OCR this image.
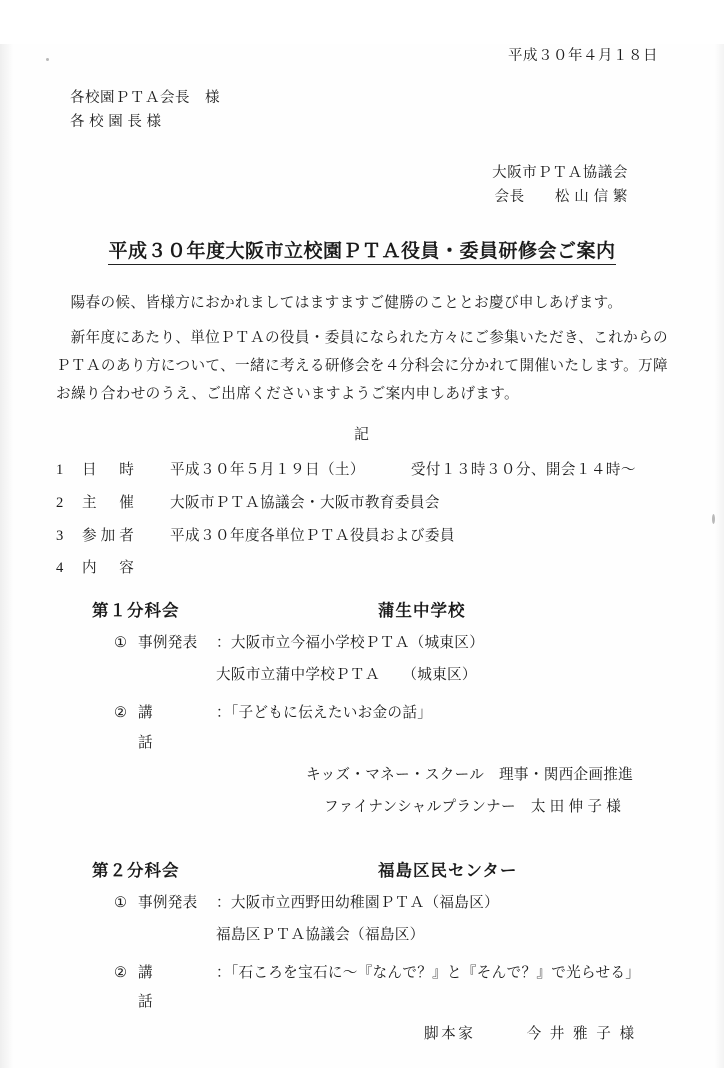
平成３０年４月１８日
各校園ＰＴＡ会長　様
各 校 園 長 様
大阪市ＰＴＡ協議会
会長　　松 山 信 繁
平成３０年度大阪市立校園ＰＴＡ役員・委員研修会ご案内
陽春の候、皆様方におかれましてはますますご健勝のこととお慶び申しあげます。
新年度にあたり、単位ＰＴＡの役員・委員になられた方々にご参集いただき、これからのＰＴＡのあり方について、一緒に考える研修会を４分科会に分かれて開催いたします。万障お繰り合わせのうえ、ご出席くださいますようご案内申しあげます。
記
1	日　時	平成３０年５月１９日（土）	受付１３時３０分、開会１４時〜
2	主　催	大阪市ＰＴＡ協議会・大阪市教育委員会
3	参加者	平成３０年度各単位ＰＴＡ役員および委員
4	内　容
第１分科会	蒲生中学校
① 事例発表	：大阪市立今福小学校ＰＴＡ（城東区）
大阪市立蒲中学校ＰＴＡ　　（城東区）
② 講　　話
：「子どもに伝えたいお金の話」
キッズ・マネー・スクール　理事・関西企画推進
ファイナンシャルプランナー　太 田 伸 子 様
第２分科会	福島区民センター
① 事例発表	：大阪市立西野田幼稚園ＰＴＡ（福島区）
福島区ＰＴＡ協議会（福島区）
② 講　　話
：「石ころを宝石に〜『なんで？』と『そんで？』で光らせる」
脚本家　　　今 井 雅 子 様
